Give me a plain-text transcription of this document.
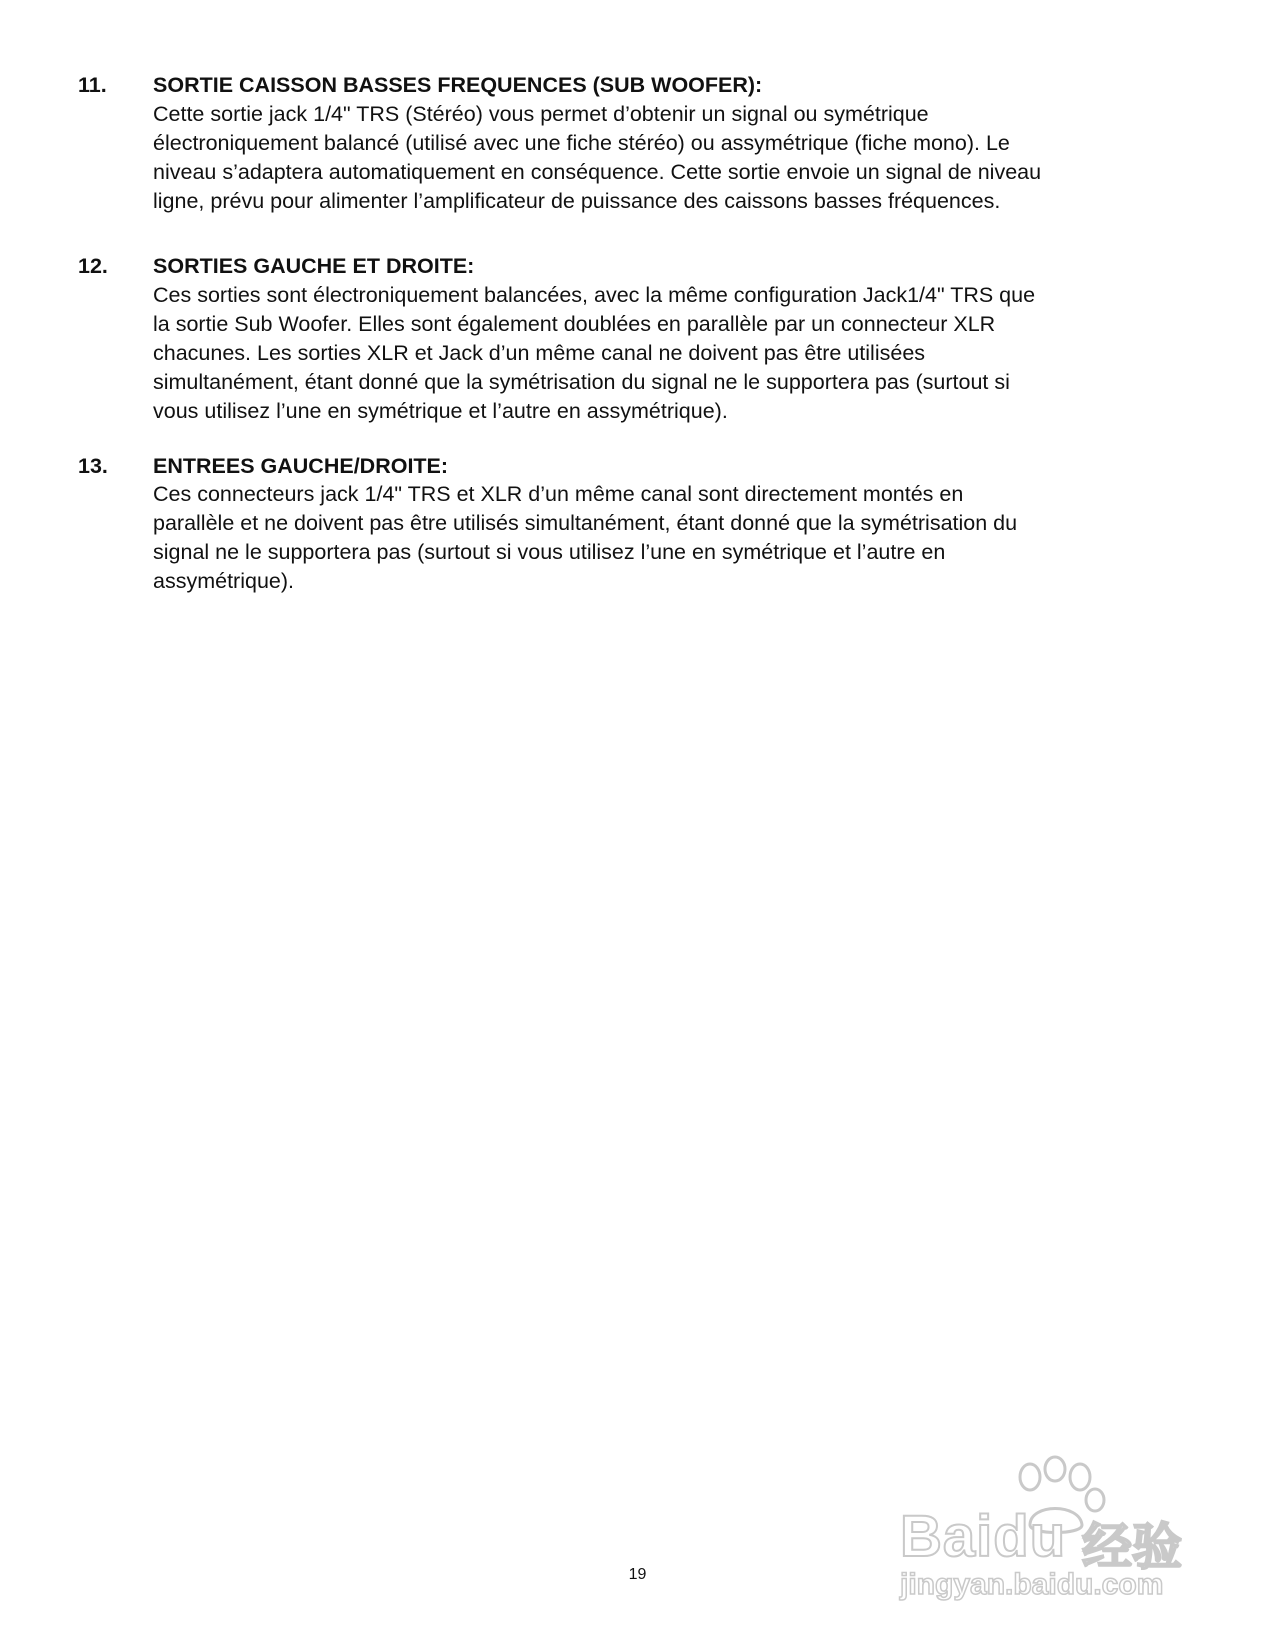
11.	SORTIE CAISSON BASSES FREQUENCES (SUB WOOFER):
Cette sortie jack 1/4" TRS (Stéréo) vous permet d’obtenir un signal ou symétrique
électroniquement balancé (utilisé avec une fiche stéréo) ou assymétrique (fiche mono). Le
niveau s’adaptera automatiquement en conséquence. Cette sortie envoie un signal de niveau
ligne, prévu pour alimenter l’amplificateur de puissance des caissons basses fréquences.
12.	SORTIES GAUCHE ET DROITE:
Ces sorties sont électroniquement balancées, avec la même configuration Jack1/4" TRS que
la sortie Sub Woofer. Elles sont également doublées en parallèle par un connecteur XLR
chacunes. Les sorties XLR et Jack d’un même canal ne doivent pas être utilisées
simultanément, étant donné que la symétrisation du signal ne le supportera pas (surtout si
vous utilisez l’une en symétrique et l’autre en assymétrique).
13.	ENTREES GAUCHE/DROITE:
Ces connecteurs jack 1/4" TRS et XLR d’un même canal sont directement montés en
parallèle et ne doivent pas être utilisés simultanément, étant donné que la symétrisation du
signal ne le supportera pas (surtout si vous utilisez l’une en symétrique et l’autre en
assymétrique).
Baidu 经验
jingyan.baidu.com
19
